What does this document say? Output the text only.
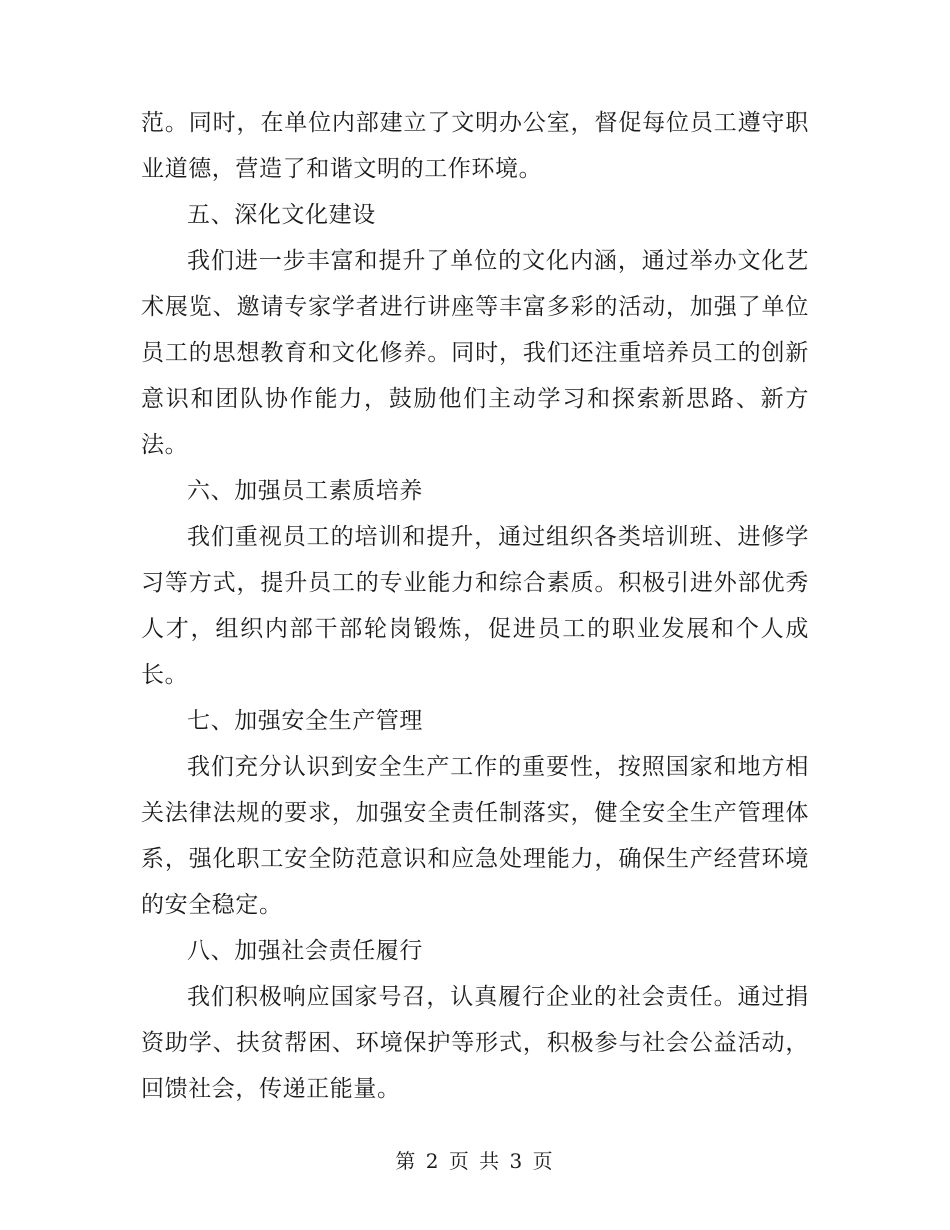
范。同时，在单位内部建立了文明办公室，督促每位员工遵守职业道德，营造了和谐文明的工作环境。

五、深化文化建设

我们进一步丰富和提升了单位的文化内涵，通过举办文化艺术展览、邀请专家学者进行讲座等丰富多彩的活动，加强了单位员工的思想教育和文化修养。同时，我们还注重培养员工的创新意识和团队协作能力，鼓励他们主动学习和探索新思路、新方法。

六、加强员工素质培养

我们重视员工的培训和提升，通过组织各类培训班、进修学习等方式，提升员工的专业能力和综合素质。积极引进外部优秀人才，组织内部干部轮岗锻炼，促进员工的职业发展和个人成长。

七、加强安全生产管理

我们充分认识到安全生产工作的重要性，按照国家和地方相关法律法规的要求，加强安全责任制落实，健全安全生产管理体系，强化职工安全防范意识和应急处理能力，确保生产经营环境的安全稳定。

八、加强社会责任履行

我们积极响应国家号召，认真履行企业的社会责任。通过捐资助学、扶贫帮困、环境保护等形式，积极参与社会公益活动，回馈社会，传递正能量。

第 2 页 共 3 页
